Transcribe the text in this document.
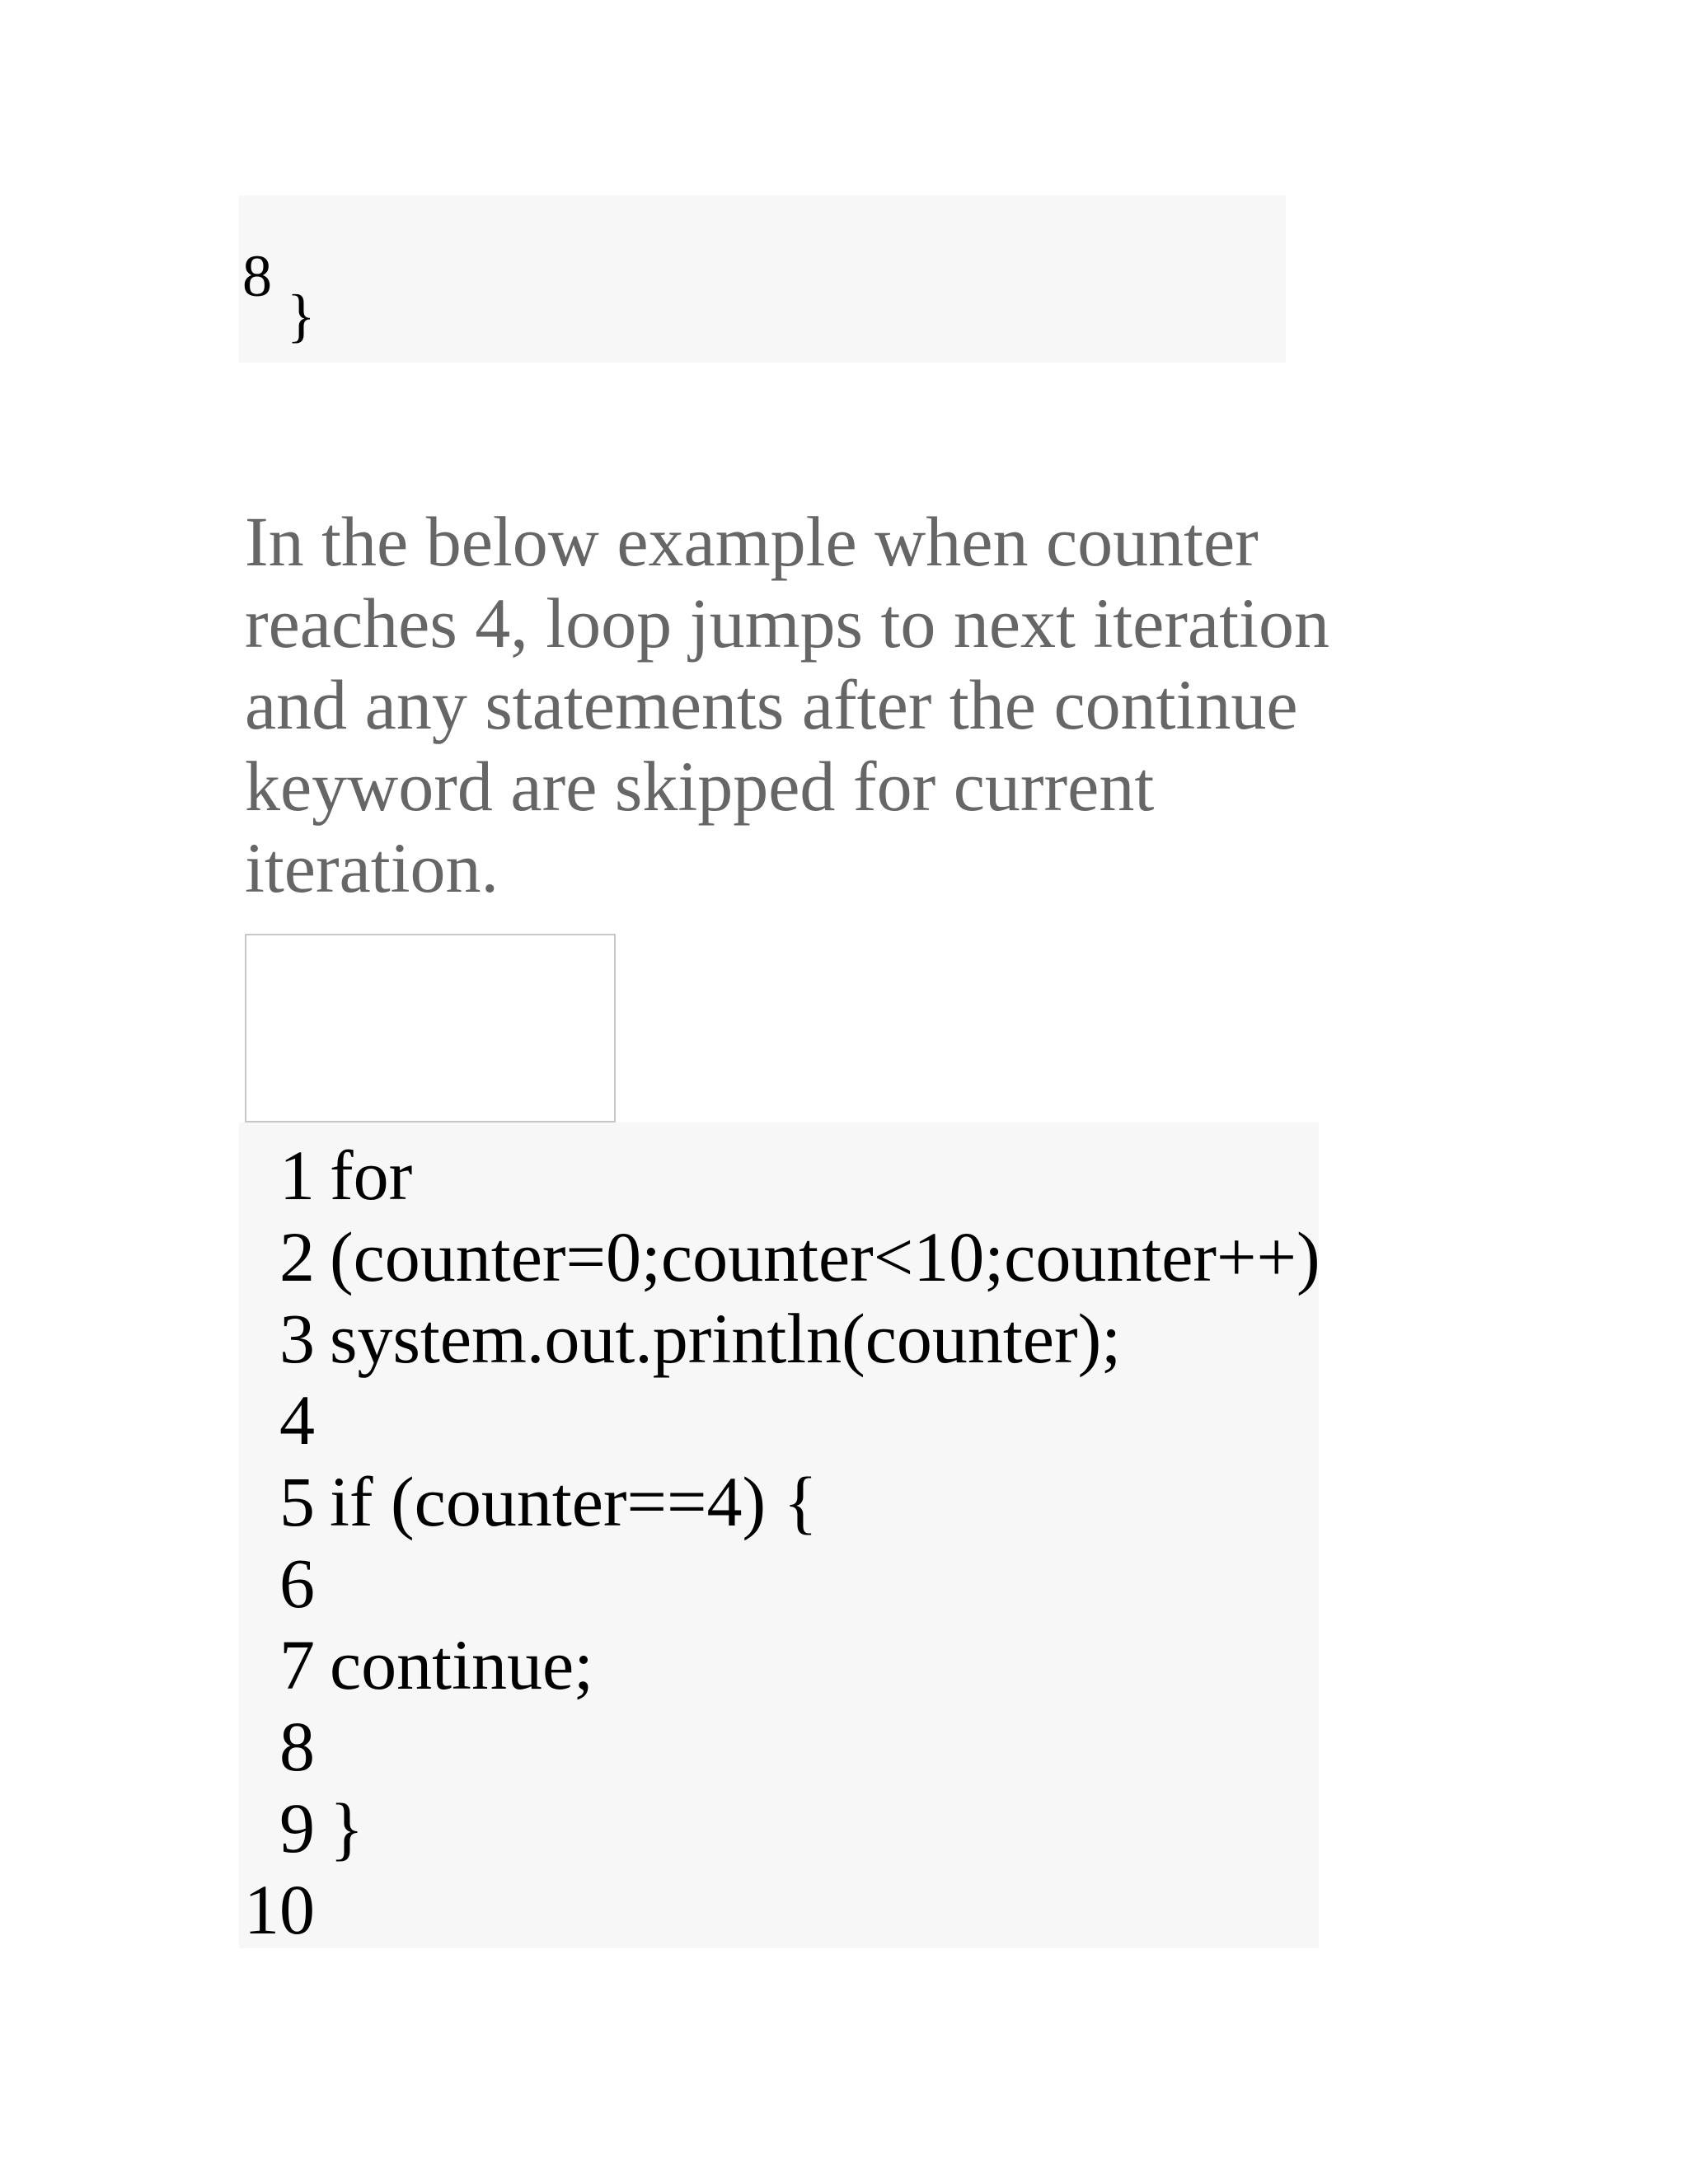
8
}

In the below example when counter reaches 4, loop jumps to next iteration and any statements after the continue keyword are skipped for current iteration.

1 for
2 (counter=0;counter<10;counter++)
3 system.out.println(counter);
4
5 if (counter==4) {
6
7 continue;
8
9 }
10
